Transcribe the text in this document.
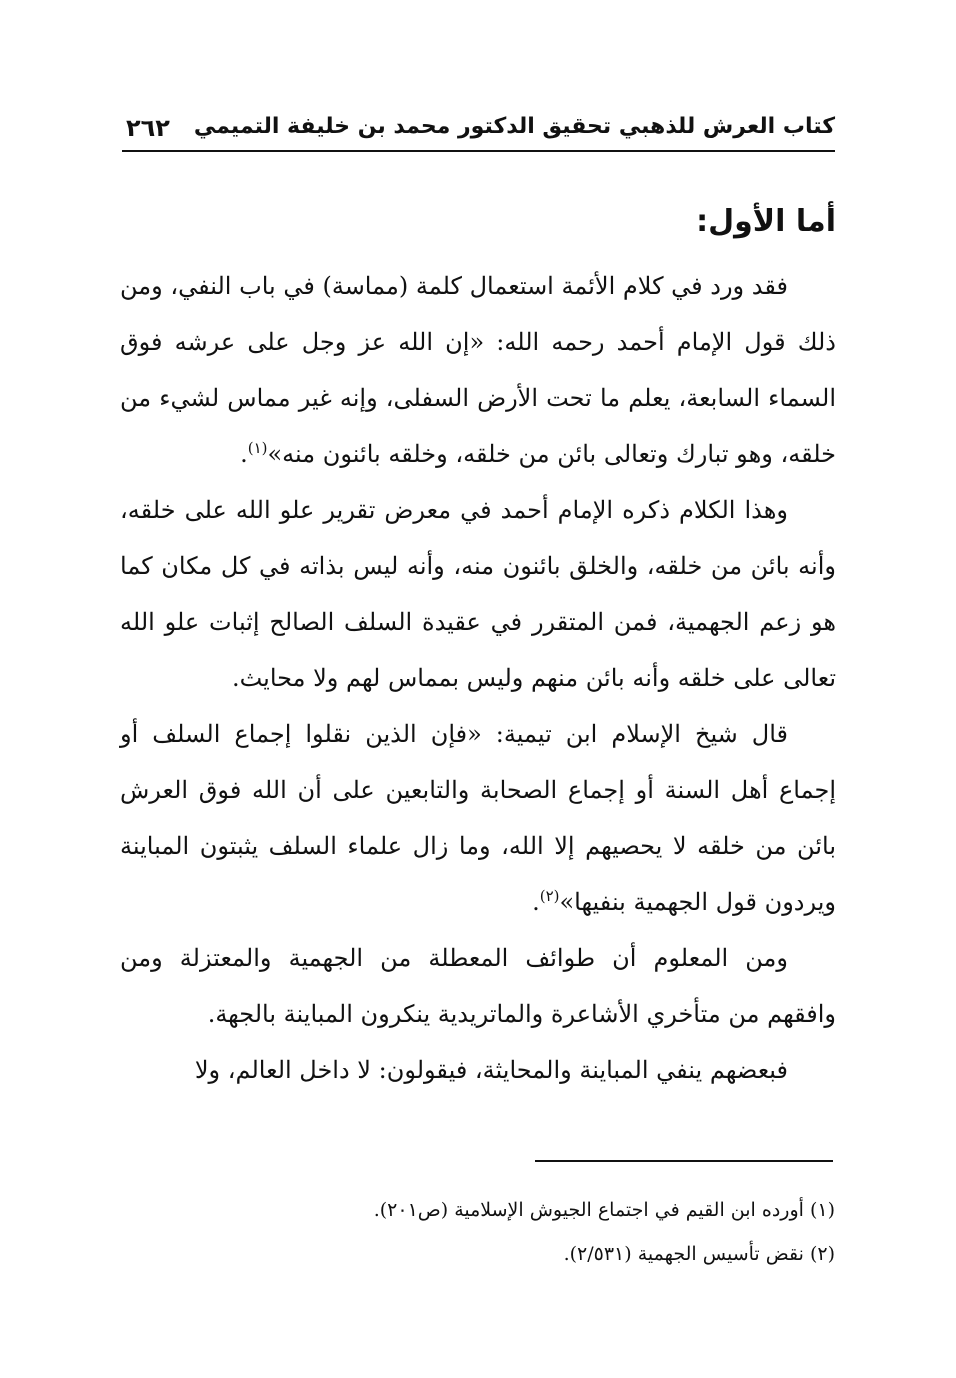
كتاب العرش للذهبي تحقيق الدكتور محمد بن خليفة التميمي
٢٦٢
أما الأول:

فقد ورد في كلام الأئمة استعمال كلمة (مماسة) في باب النفي، ومن ذلك قول الإمام أحمد رحمه الله: «إن الله عز وجل على عرشه فوق السماء السابعة، يعلم ما تحت الأرض السفلى، وإنه غير مماس لشيء من خلقه، وهو تبارك وتعالى بائن من خلقه، وخلقه بائنون منه»$^{(١)}$.

وهذا الكلام ذكره الإمام أحمد في معرض تقرير علو الله على خلقه، وأنه بائن من خلقه، والخلق بائنون منه، وأنه ليس بذاته في كل مكان كما هو زعم الجهمية، فمن المتقرر في عقيدة السلف الصالح إثبات علو الله تعالى على خلقه وأنه بائن منهم وليس بمماس لهم ولا محايث.

قال شيخ الإسلام ابن تيمية: «فإن الذين نقلوا إجماع السلف أو إجماع أهل السنة أو إجماع الصحابة والتابعين على أن الله فوق العرش بائن من خلقه لا يحصيهم إلا الله، وما زال علماء السلف يثبتون المباينة ويردون قول الجهمية بنفيها»$^{(٢)}$.

ومن المعلوم أن طوائف المعطلة من الجهمية والمعتزلة ومن وافقهم من متأخري الأشاعرة والماتريدية ينكرون المباينة بالجهة.

فبعضهم ينفي المباينة والمحايثة، فيقولون: لا داخل العالم، ولا

(١) أورده ابن القيم في اجتماع الجيوش الإسلامية (ص٢٠١).

(٢) نقض تأسيس الجهمية (٢/٥٣١).
